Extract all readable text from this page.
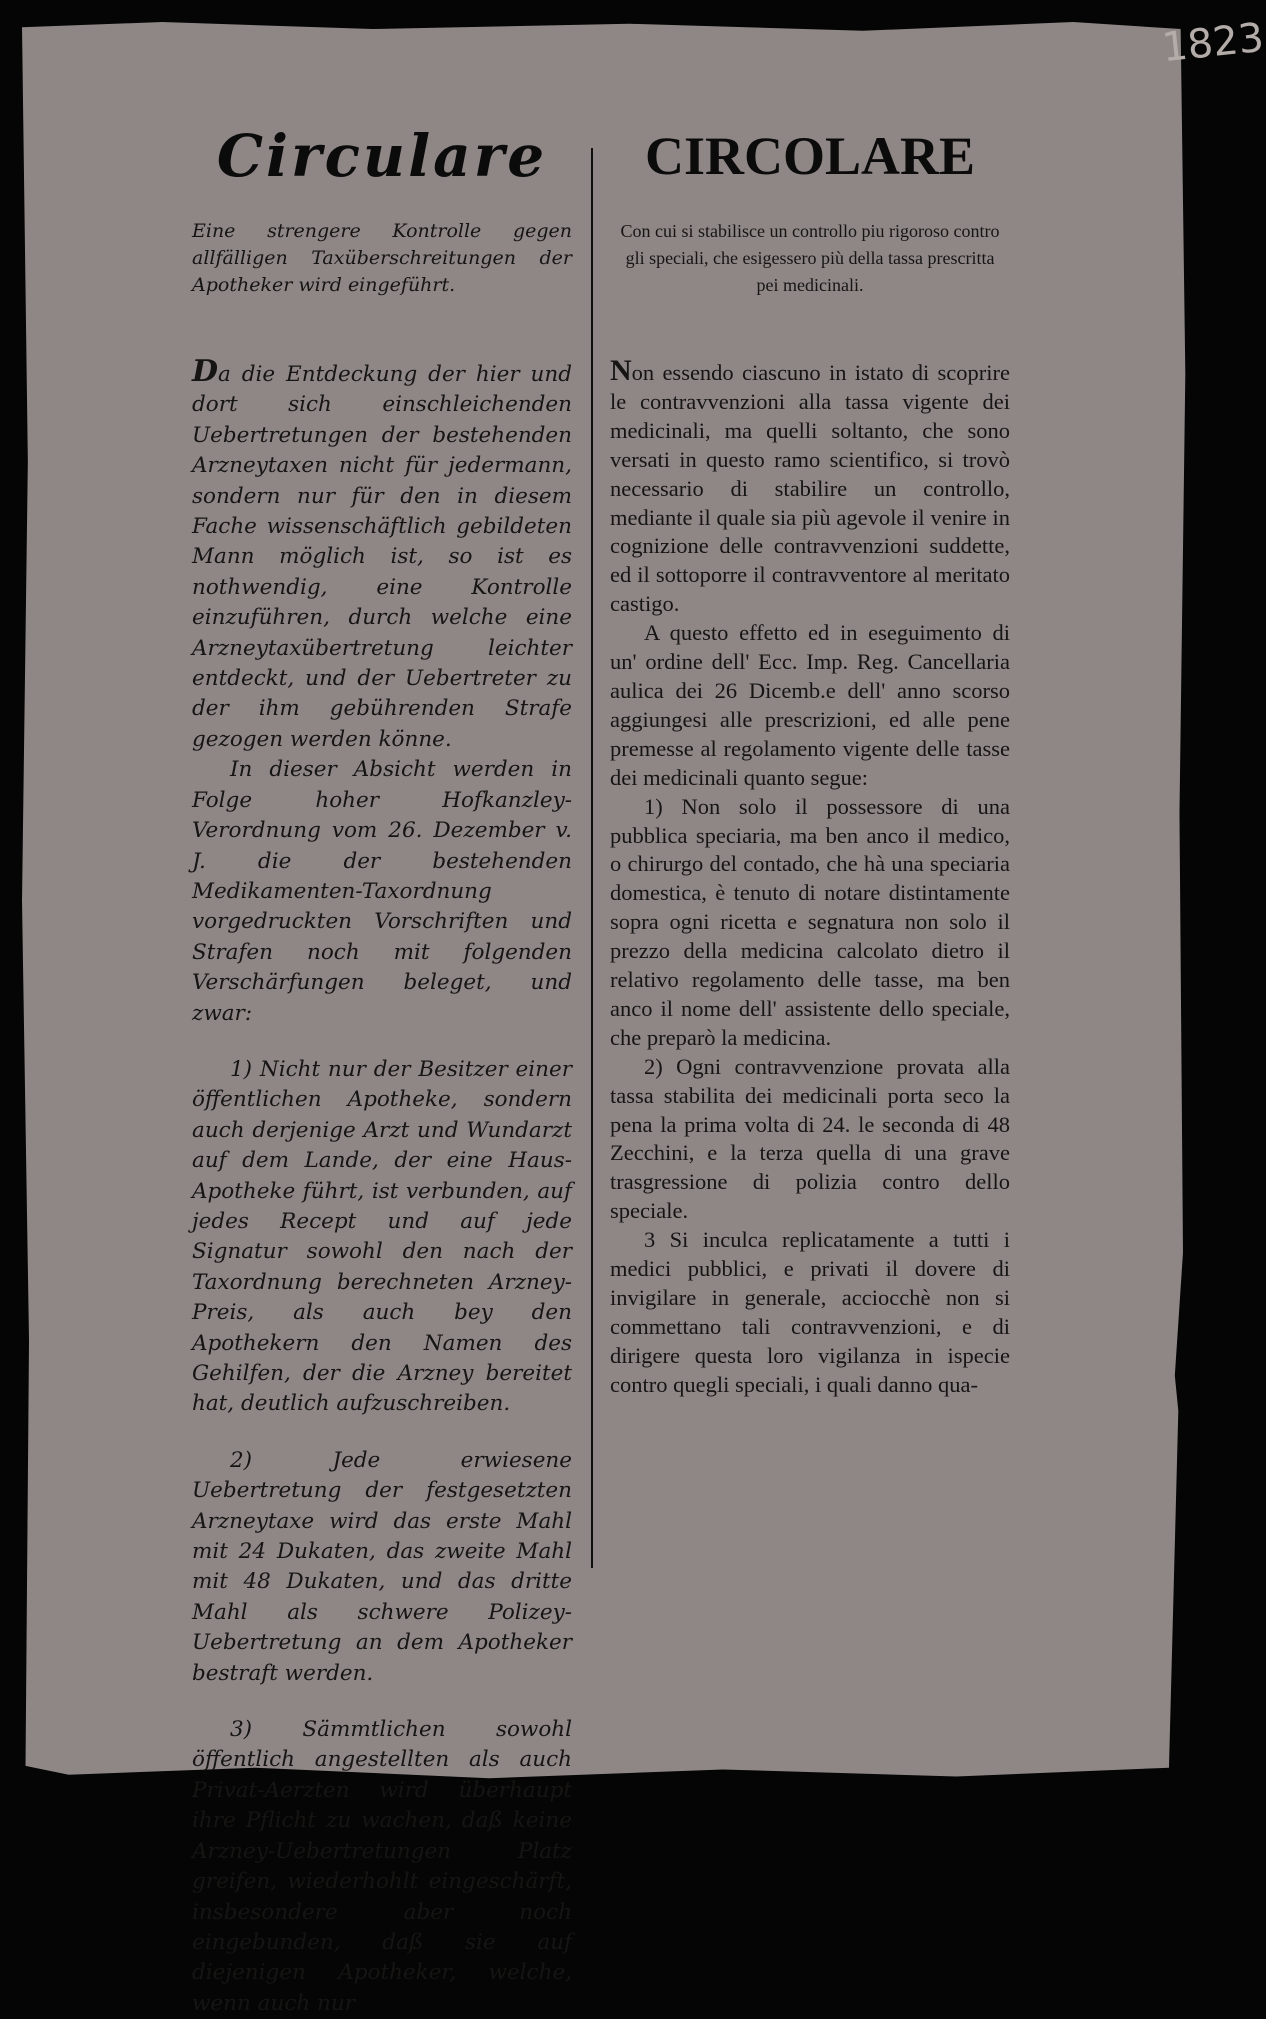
1823
Circulare
Eine strengere Kontrolle gegen allfälligen Taxüberschreitungen der Apotheker wird eingeführt.

Da die Entdeckung der hier und dort sich einschleichenden Uebertretungen der bestehenden Arzneytaxen nicht für jedermann, sondern nur für den in diesem Fache wissenschäftlich gebildeten Mann möglich ist, so ist es nothwendig, eine Kontrolle einzuführen, durch welche eine Arzneytaxübertretung leichter entdeckt, und der Uebertreter zu der ihm gebührenden Strafe gezogen werden könne.

In dieser Absicht werden in Folge hoher Hofkanzley-Verordnung vom 26. Dezember v. J. die der bestehenden Medikamenten-Taxordnung vorgedruckten Vorschriften und Strafen noch mit folgenden Verschärfungen beleget, und zwar:

1) Nicht nur der Besitzer einer öffentlichen Apotheke, sondern auch derjenige Arzt und Wundarzt auf dem Lande, der eine Haus-Apotheke führt, ist verbunden, auf jedes Recept und auf jede Signatur sowohl den nach der Taxordnung berechneten Arzney-Preis, als auch bey den Apothekern den Namen des Gehilfen, der die Arzney bereitet hat, deutlich aufzuschreiben.

2) Jede erwiesene Uebertretung der festgesetzten Arzneytaxe wird das erste Mahl mit 24 Dukaten, das zweite Mahl mit 48 Dukaten, und das dritte Mahl als schwere Polizey-Uebertretung an dem Apotheker bestraft werden.

3) Sämmtlichen sowohl öffentlich angestellten als auch Privat-Aerzten wird überhaupt ihre Pflicht zu wachen, daß keine Arzney-Uebertretungen Platz greifen, wiederhohlt eingeschärft, insbesondere aber noch eingebunden, daß sie auf diejenigen Apotheker, welche, wenn auch nur

CIRCOLARE
Con cui si stabilisce un controllo piu rigoroso contro gli speciali, che esigessero più della tassa prescritta pei medicinali.

Non essendo ciascuno in istato di scoprire le contravvenzioni alla tassa vigente dei medicinali, ma quelli soltanto, che sono versati in questo ramo scientifico, si trovò necessario di stabilire un controllo, mediante il quale sia più agevole il venire in cognizione delle contravvenzioni suddette, ed il sottoporre il contravventore al meritato castigo.

A questo effetto ed in eseguimento di un' ordine dell' Ecc. Imp. Reg. Cancellaria aulica dei 26 Dicemb.e dell' anno scorso aggiungesi alle prescrizioni, ed alle pene premesse al regolamento vigente delle tasse dei medicinali quanto segue:

1) Non solo il possessore di una pubblica speciaria, ma ben anco il medico, o chirurgo del contado, che hà una speciaria domestica, è tenuto di notare distintamente sopra ogni ricetta e segnatura non solo il prezzo della medicina calcolato dietro il relativo regolamento delle tasse, ma ben anco il nome dell' assistente dello speciale, che preparò la medicina.

2) Ogni contravvenzione provata alla tassa stabilita dei medicinali porta seco la pena la prima volta di 24. le seconda di 48 Zecchini, e la terza quella di una grave trasgressione di polizia contro dello speciale.

3 Si inculca replicatamente a tutti i medici pubblici, e privati il dovere di invigilare in generale, acciocchè non si commettano tali contravvenzioni, e di dirigere questa loro vigilanza in ispecie contro quegli speciali, i quali danno qua-
